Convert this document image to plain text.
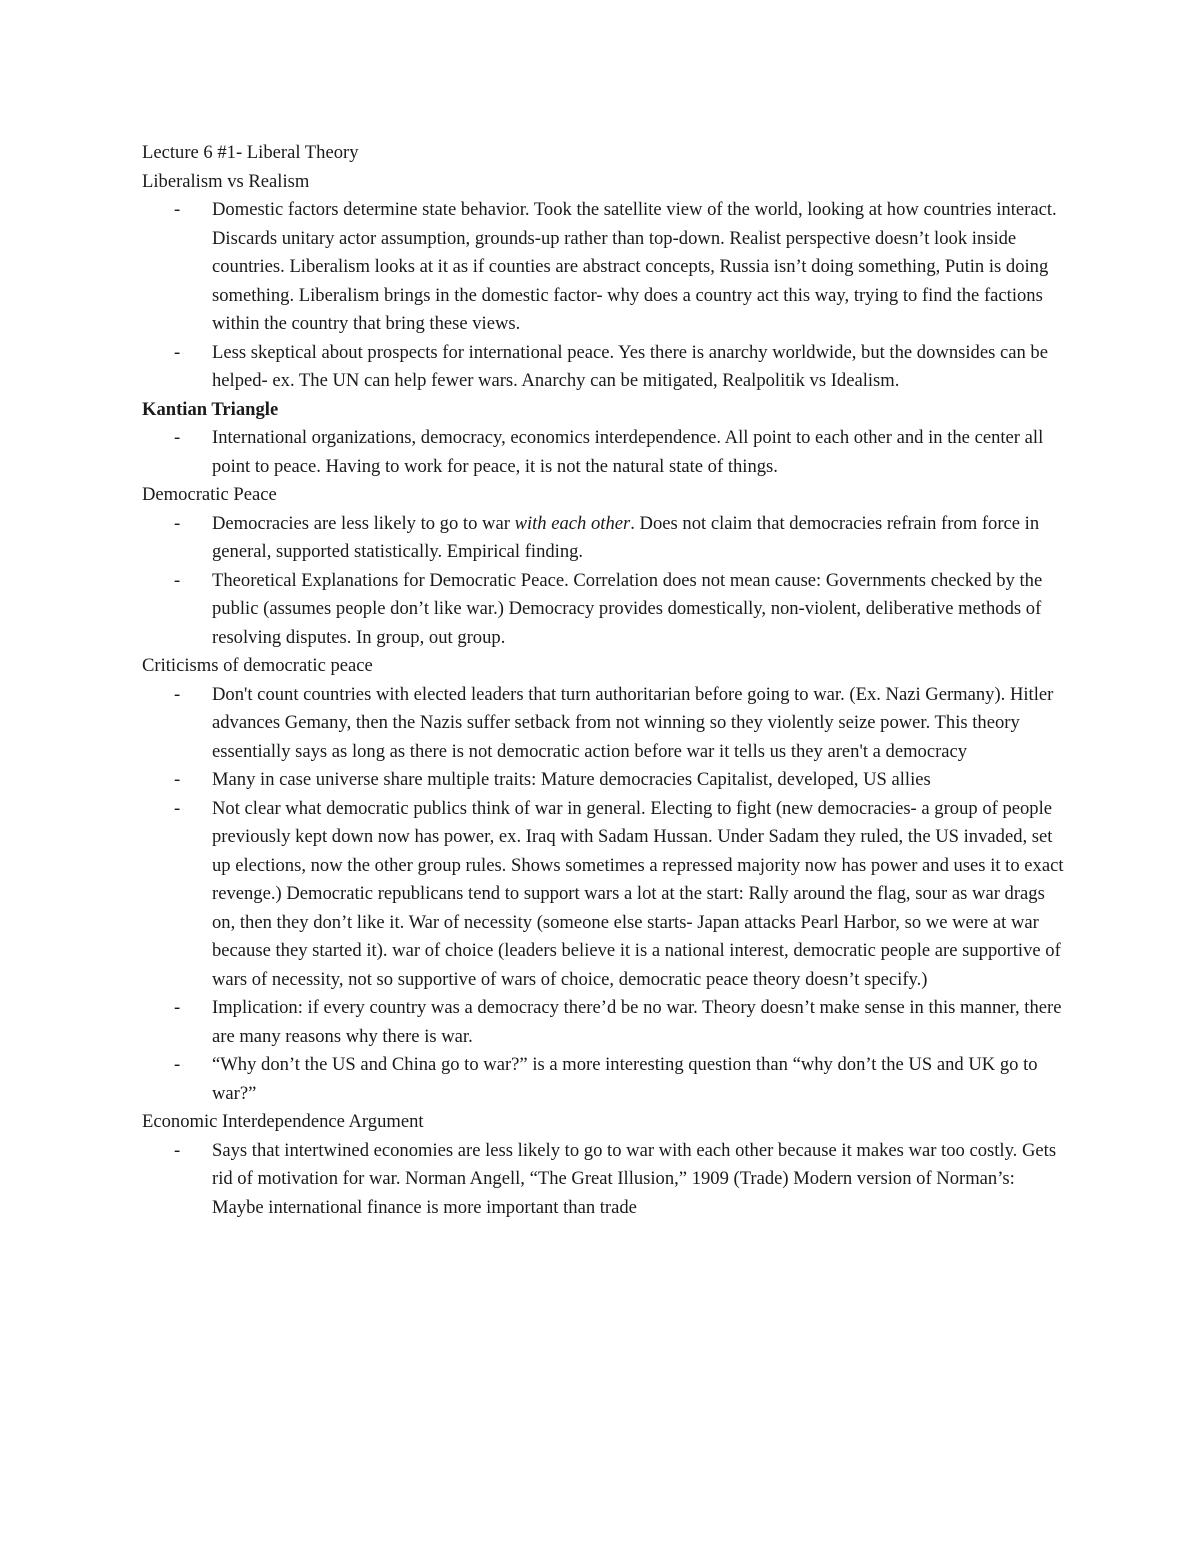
Lecture 6 #1- Liberal Theory

Liberalism vs Realism

- Domestic factors determine state behavior. Took the satellite view of the world, looking at how countries interact. Discards unitary actor assumption, grounds-up rather than top-down. Realist perspective doesn’t look inside countries. Liberalism looks at it as if counties are abstract concepts, Russia isn’t doing something, Putin is doing something. Liberalism brings in the domestic factor- why does a country act this way, trying to find the factions within the country that bring these views.
- Less skeptical about prospects for international peace. Yes there is anarchy worldwide, but the downsides can be helped- ex. The UN can help fewer wars. Anarchy can be mitigated, Realpolitik vs Idealism.

Kantian Triangle

- International organizations, democracy, economics interdependence. All point to each other and in the center all point to peace. Having to work for peace, it is not the natural state of things.

Democratic Peace

- Democracies are less likely to go to war with each other. Does not claim that democracies refrain from force in general, supported statistically. Empirical finding.
- Theoretical Explanations for Democratic Peace. Correlation does not mean cause: Governments checked by the public (assumes people don’t like war.) Democracy provides domestically, non-violent, deliberative methods of resolving disputes. In group, out group.

Criticisms of democratic peace

- Don't count countries with elected leaders that turn authoritarian before going to war. (Ex. Nazi Germany). Hitler advances Gemany, then the Nazis suffer setback from not winning so they violently seize power. This theory essentially says as long as there is not democratic action before war it tells us they aren't a democracy
- Many in case universe share multiple traits: Mature democracies Capitalist, developed, US allies
- Not clear what democratic publics think of war in general. Electing to fight (new democracies- a group of people previously kept down now has power, ex. Iraq with Sadam Hussan. Under Sadam they ruled, the US invaded, set up elections, now the other group rules. Shows sometimes a repressed majority now has power and uses it to exact revenge.) Democratic republicans tend to support wars a lot at the start: Rally around the flag, sour as war drags on, then they don’t like it. War of necessity (someone else starts- Japan attacks Pearl Harbor, so we were at war because they started it). war of choice (leaders believe it is a national interest, democratic people are supportive of wars of necessity, not so supportive of wars of choice, democratic peace theory doesn’t specify.)
- Implication: if every country was a democracy there’d be no war. Theory doesn’t make sense in this manner, there are many reasons why there is war.
- “Why don’t the US and China go to war?” is a more interesting question than “why don’t the US and UK go to war?”

Economic Interdependence Argument

- Says that intertwined economies are less likely to go to war with each other because it makes war too costly. Gets rid of motivation for war. Norman Angell, “The Great Illusion,” 1909 (Trade) Modern version of Norman’s: Maybe international finance is more important than trade
